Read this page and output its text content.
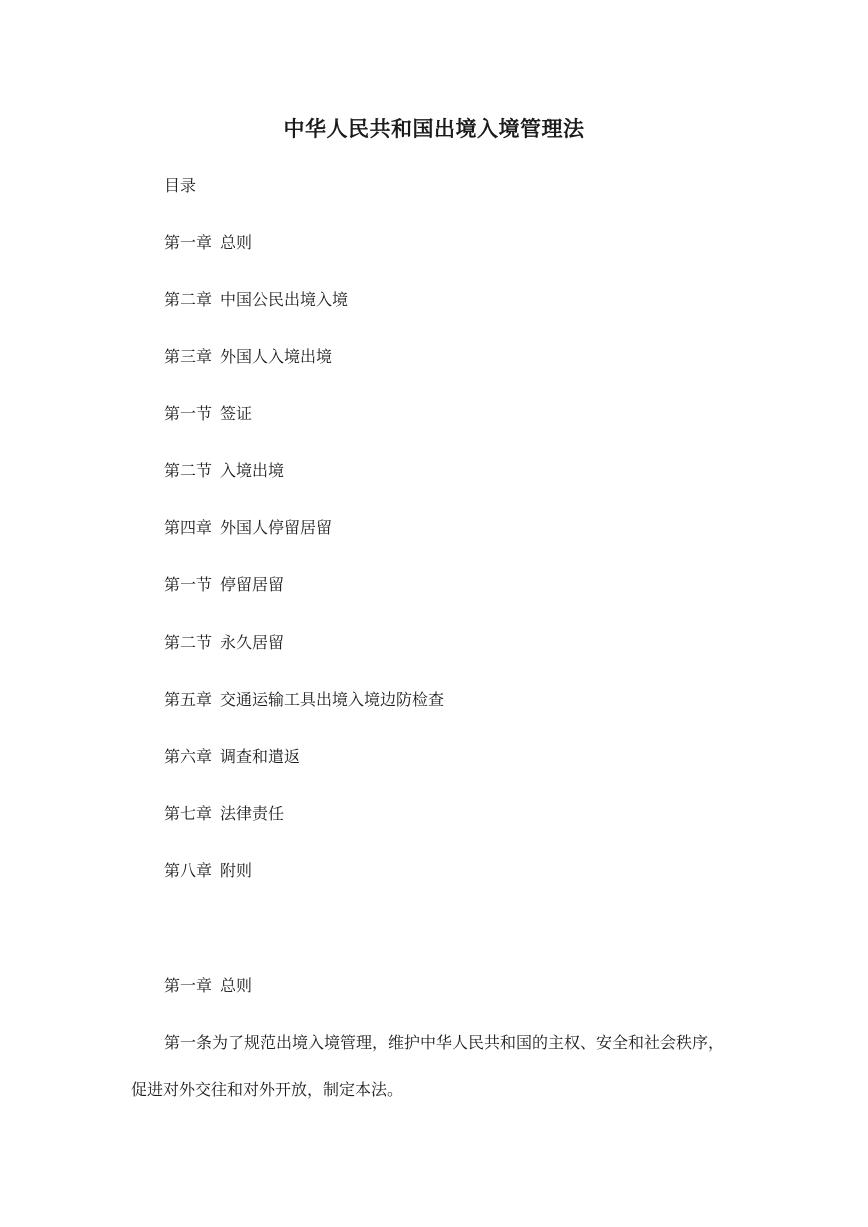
中华人民共和国出境入境管理法
目录
第一章 总则
第二章 中国公民出境入境
第三章 外国人入境出境
第一节 签证
第二节 入境出境
第四章 外国人停留居留
第一节 停留居留
第二节 永久居留
第五章 交通运输工具出境入境边防检查
第六章 调查和遣返
第七章 法律责任
第八章 附则
第一章 总则
第一条为了规范出境入境管理，维护中华人民共和国的主权、安全和社会秩序，
促进对外交往和对外开放，制定本法。
